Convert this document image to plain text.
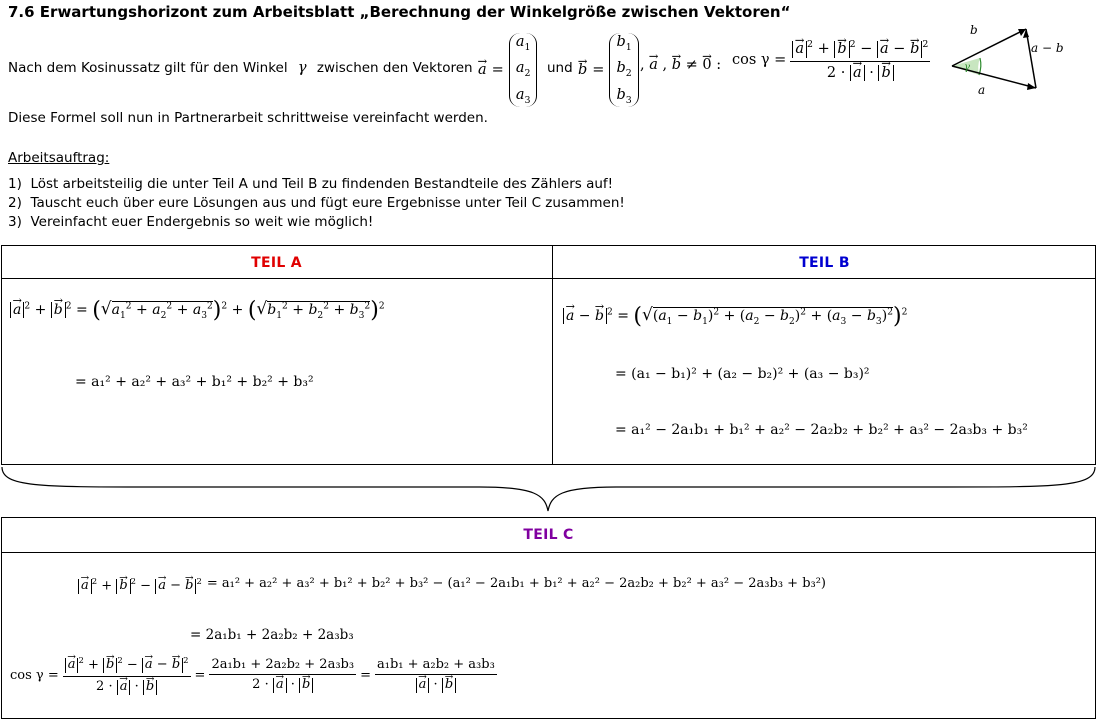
7.6 Erwartungshorizont zum Arbeitsblatt „Berechnung der Winkelgröße zwischen Vektoren“
Nach dem Kosinussatz gilt für den Winkel γ zwischen den Vektoren → a =
$a_1$
$a_2$
$a_3$
und → b =
$b_1$
$b_2$
$b_3$
, → a , → b ≠ → 0 : cos γ = → $\frac{a ^2 + \to b ^2 - \to a - \to b ^2}{2 \cdot \to a \cdot \to b}$
b
a
a − b
γ
Diese Formel soll nun in Partnerarbeit schrittweise vereinfacht werden.
Arbeitsauftrag:
1) Löst arbeitsteilig die unter Teil A und Teil B zu findenden Bestandteile des Zählers auf!
2) Tauscht euch über eure Lösungen aus und fügt eure Ergebnisse unter Teil C zusammen!
3) Vereinfacht euer Endergebnis so weit wie möglich!
TEIL A	TEIL B
→ a $^2$ + → b $^2 = (√a_1^2 + a_2^2 + a_3^2)^2 + (√b_1^2 + b_2^2 + b_3^2)^2$
= a₁² + a₂² + a₃² + b₁² + b₂² + b₃²
→ a − → b $^2 = (√(a_1 - b_1)^2 + (a_2 - b_2)^2 + (a_3 - b_3)^2)^2$
= (a₁ − b₁)² + (a₂ − b₂)² + (a₃ − b₃)²
= a₁² − 2a₁b₁ + b₁² + a₂² − 2a₂b₂ + b₂² + a₃² − 2a₃b₃ + b₃²
TEIL C
→ a $^2$ + → b $^2$ − → a − → b $^2$ = a₁² + a₂² + a₃² + b₁² + b₂² + b₃² − (a₁² − 2a₁b₁ + b₁² + a₂² − 2a₂b₂ + b₂² + a₃² − 2a₃b₃ + b₃²)
= 2a₁b₁ + 2a₂b₂ + 2a₃b₃
cos γ = → $\frac{a ^2 + \to b ^2 - \to a - \to b ^2}{2 \cdot \to a \cdot \to b} = \frac{\text{2a₁b₁ + 2a₂b₂ + 2a₃b₃}}{2 \cdot \to a \cdot \to b} = a_1b_1 + a_2b_2 + a_3b_3$
→ a · → b
